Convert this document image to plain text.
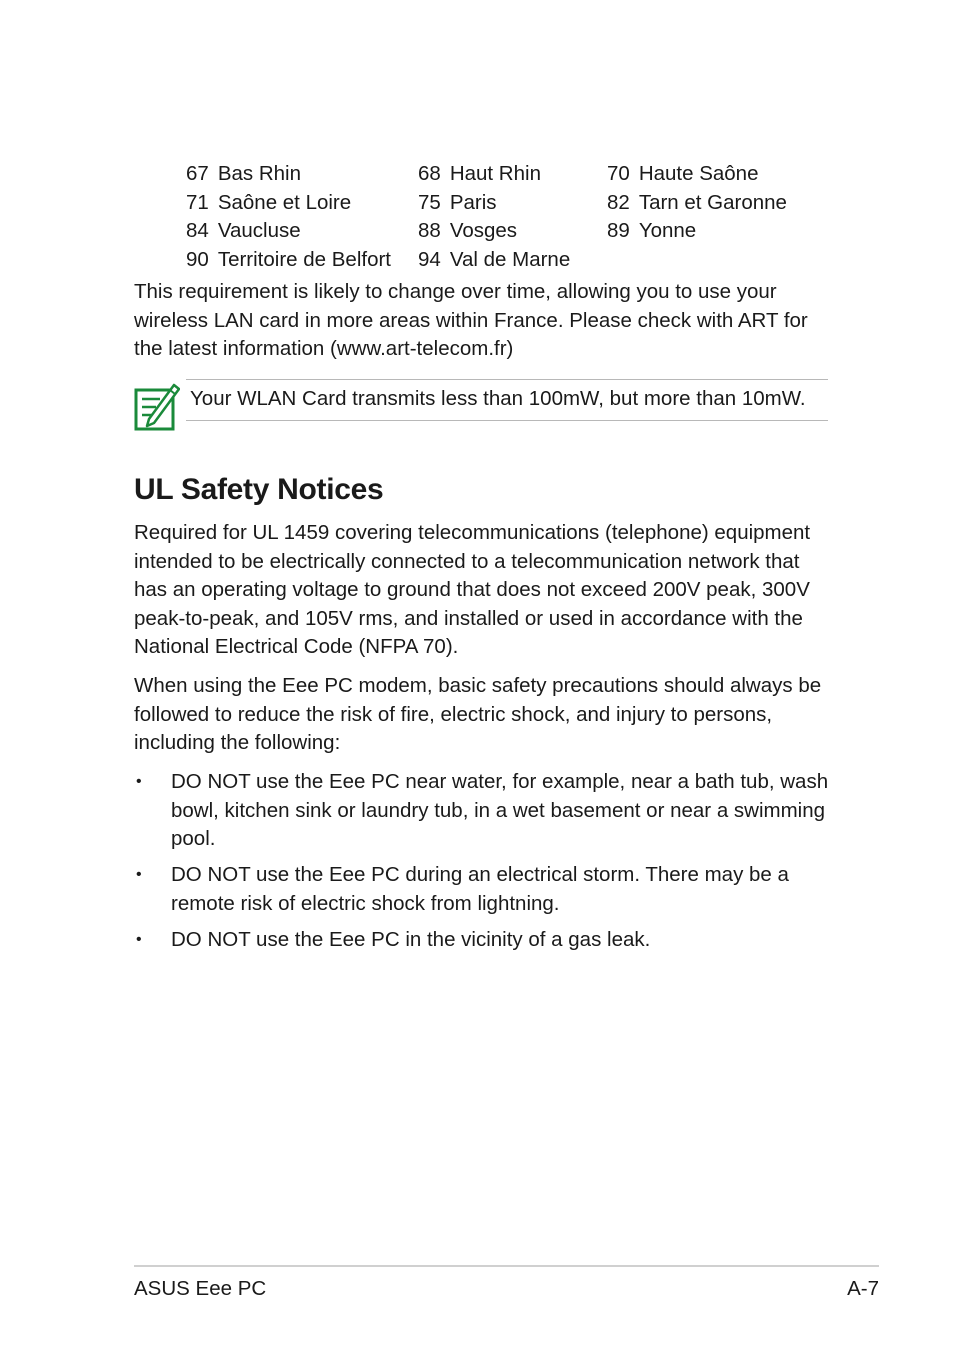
67 Bas Rhin	68 Haut Rhin	70 Haute Saône
71 Saône et Loire	75 Paris	82 Tarn et Garonne
84 Vaucluse	88 Vosges	89 Yonne
90 Territoire de Belfort	94 Val de Marne	

This requirement is likely to change over time, allowing you to use your wireless LAN card in more areas within France. Please check with ART for the latest information (www.art-telecom.fr)

Your WLAN Card transmits less than 100mW, but more than 10mW.
UL Safety Notices

Required for UL 1459 covering telecommunications (telephone) equipment intended to be electrically connected to a telecommunication network that has an operating voltage to ground that does not exceed 200V peak, 300V peak-to-peak, and 105V rms, and installed or used in accordance with the National Electrical Code (NFPA 70).

When using the Eee PC modem, basic safety precautions should always be followed to reduce the risk of fire, electric shock, and injury to persons, including the following:

• DO NOT use the Eee PC near water, for example, near a bath tub, wash bowl, kitchen sink or laundry tub, in a wet basement or near a swimming pool.
• DO NOT use the Eee PC during an electrical storm. There may be a remote risk of electric shock from lightning.
• DO NOT use the Eee PC in the vicinity of a gas leak.
ASUS Eee PC	A-7
